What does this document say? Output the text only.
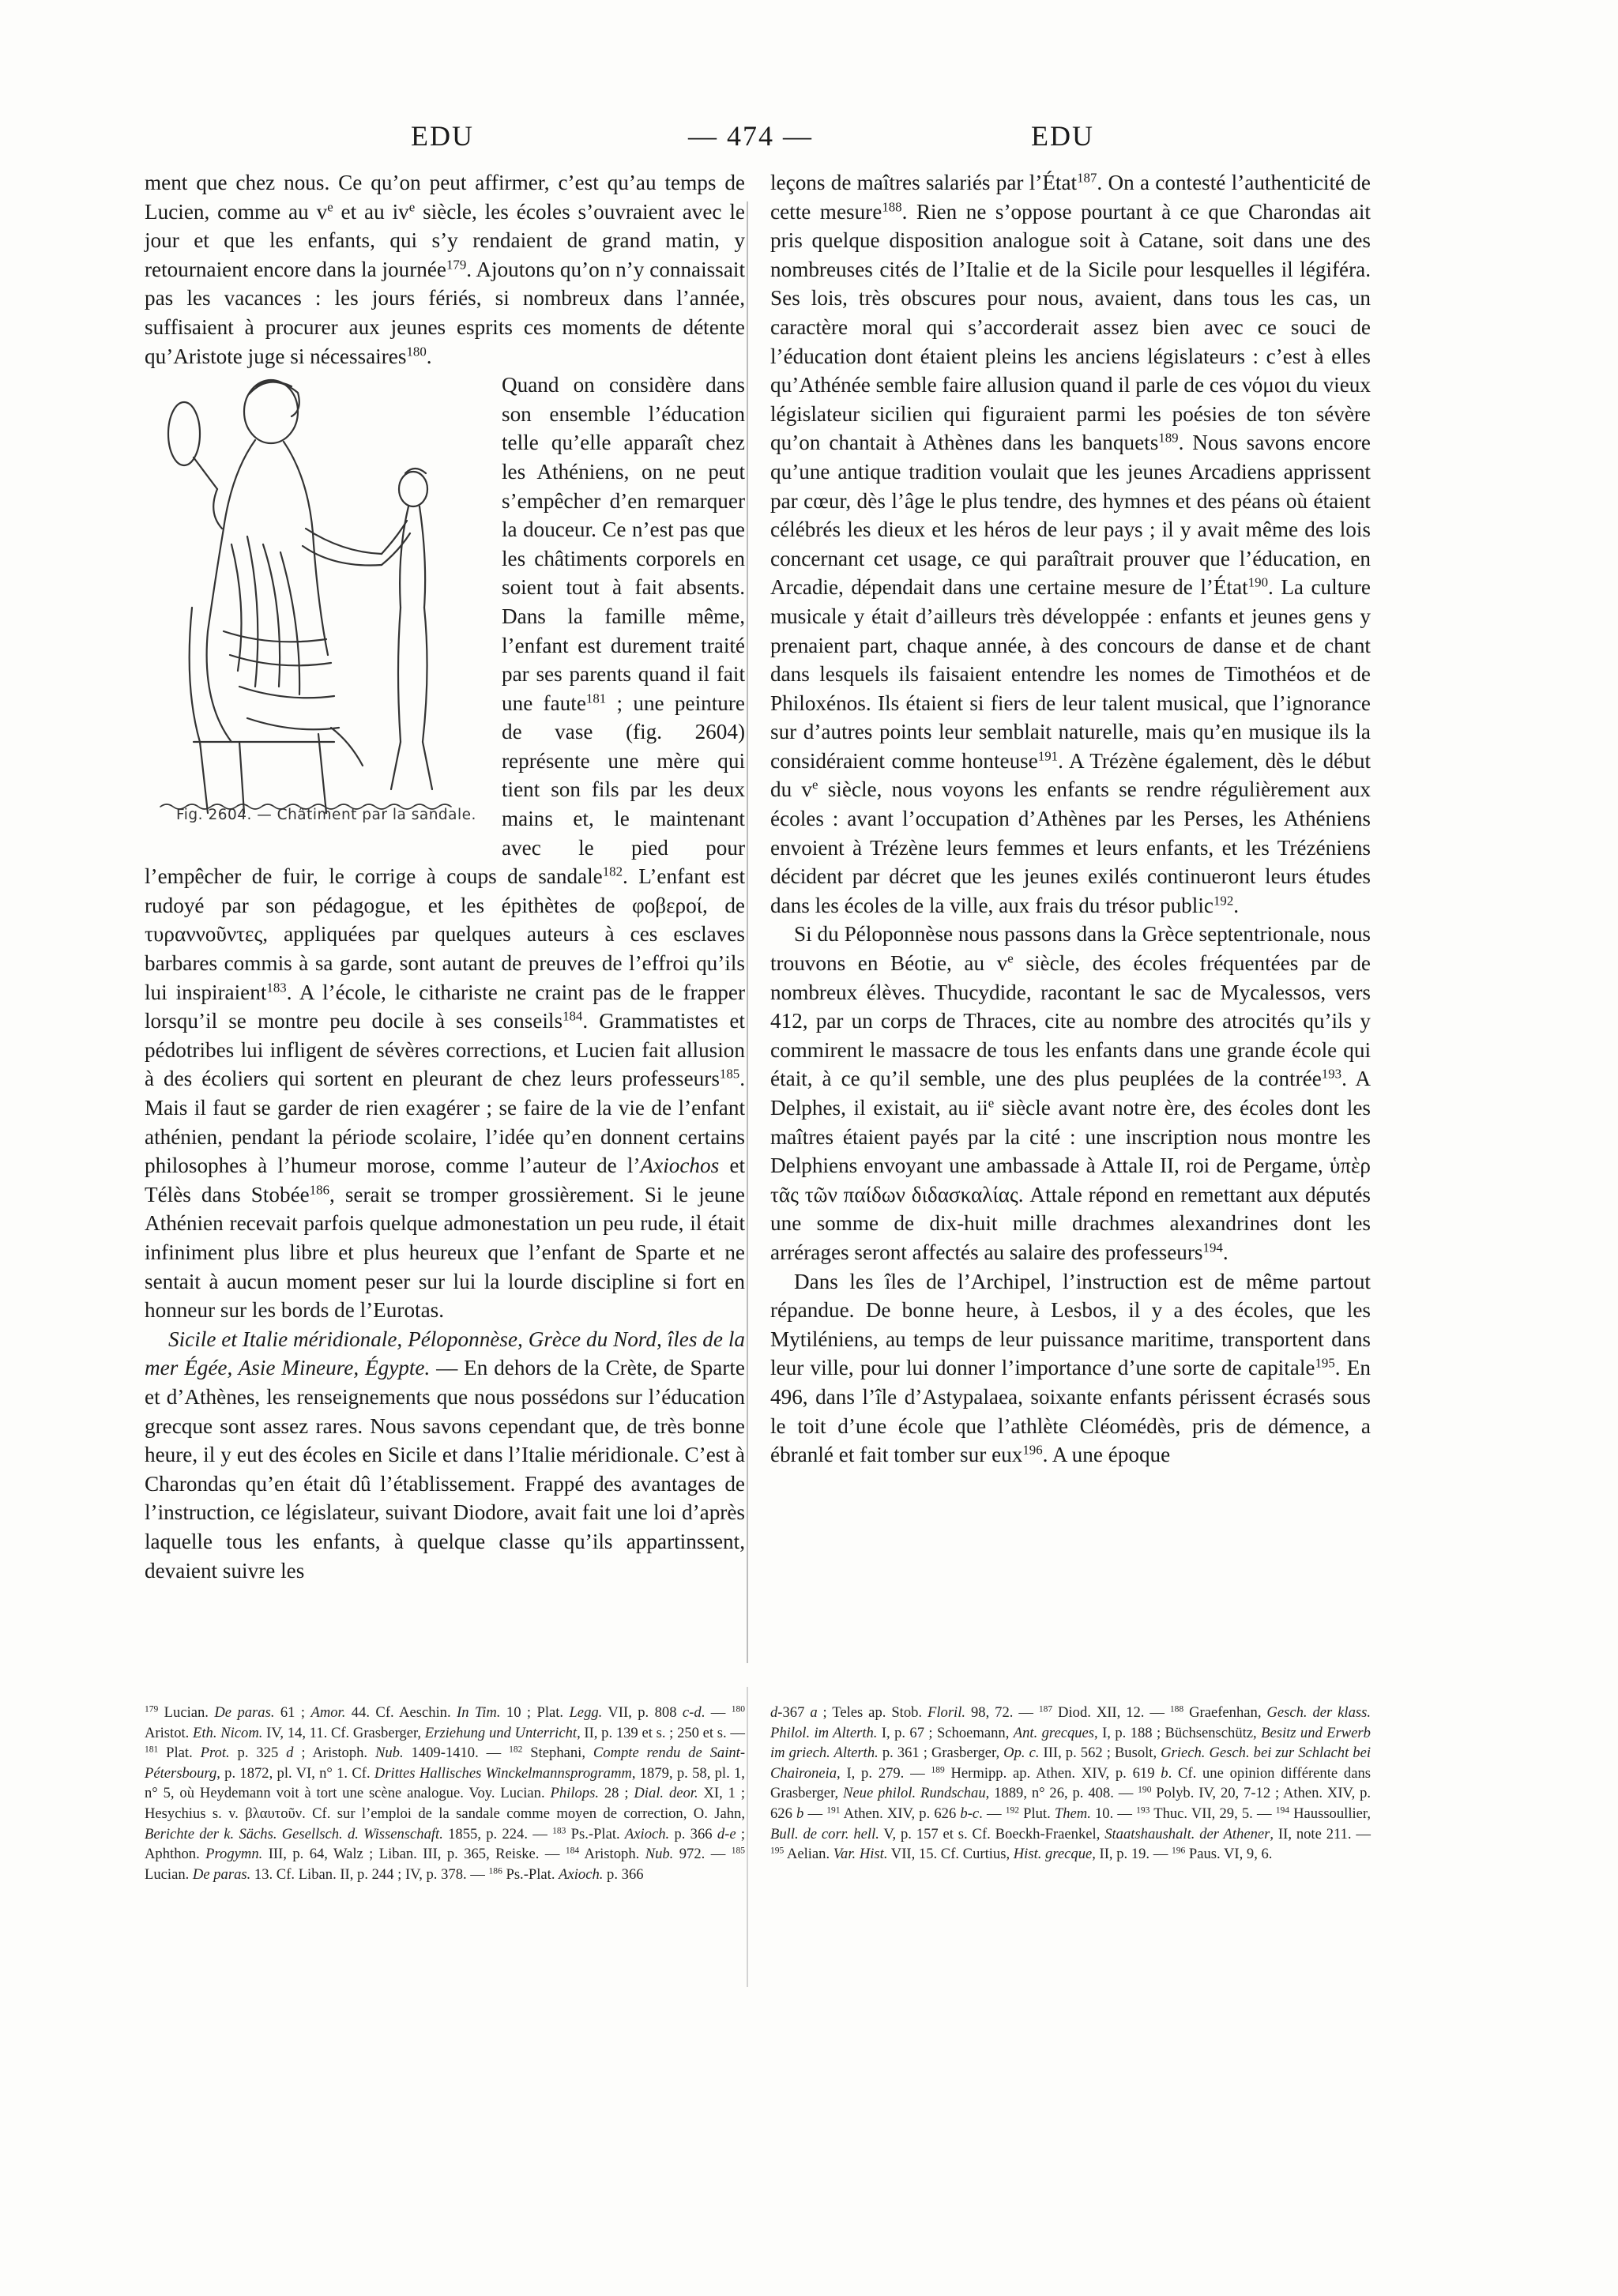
EDU	— 474 —	EDU

ment que chez nous. Ce qu’on peut affirmer, c’est qu’au temps de Lucien, comme au $v^e$ et au $iv^e$ siècle, les écoles s’ouvraient avec le jour et que les enfants, qui s’y rendaient de grand matin, y retournaient encore dans la journée$^{179}$. Ajoutons qu’on n’y connaissait pas les vacances : les jours fériés, si nombreux dans l’année, suffisaient à procurer aux jeunes esprits ces moments de détente qu’Aristote juge si nécessaires$^{180}$.

Fig. 2604. — Châtiment par la sandale.

Quand on considère dans son ensemble l’éducation telle qu’elle apparaît chez les Athéniens, on ne peut s’empêcher d’en remarquer la douceur. Ce n’est pas que les châtiments corporels en soient tout à fait absents. Dans la famille même, l’enfant est durement traité par ses parents quand il fait une faute$^{181}$ ; une peinture de vase (fig. 2604) représente une mère qui tient son fils par les deux mains et, le maintenant avec le pied pour l’empêcher de fuir, le corrige à coups de sandale$^{182}$. L’enfant est rudoyé par son pédagogue, et les épithètes de φοβεροί, de τυραννοῦντες, appliquées par quelques auteurs à ces esclaves barbares commis à sa garde, sont autant de preuves de l’effroi qu’ils lui inspiraient$^{183}$. A l’école, le cithariste ne craint pas de le frapper lorsqu’il se montre peu docile à ses conseils$^{184}$. Grammatistes et pédotribes lui infligent de sévères corrections, et Lucien fait allusion à des écoliers qui sortent en pleurant de chez leurs professeurs$^{185}$. Mais il faut se garder de rien exagérer ; se faire de la vie de l’enfant athénien, pendant la période scolaire, l’idée qu’en donnent certains philosophes à l’humeur morose, comme l’auteur de l’Axiochos et Télès dans Stobée$^{186}$, serait se tromper grossièrement. Si le jeune Athénien recevait parfois quelque admonestation un peu rude, il était infiniment plus libre et plus heureux que l’enfant de Sparte et ne sentait à aucun moment peser sur lui la lourde discipline si fort en honneur sur les bords de l’Eurotas.

Sicile et Italie méridionale, Péloponnèse, Grèce du Nord, îles de la mer Égée, Asie Mineure, Égypte. — En dehors de la Crète, de Sparte et d’Athènes, les renseignements que nous possédons sur l’éducation grecque sont assez rares. Nous savons cependant que, de très bonne heure, il y eut des écoles en Sicile et dans l’Italie méridionale. C’est à Charondas qu’en était dû l’établissement. Frappé des avantages de l’instruction, ce législateur, suivant Diodore, avait fait une loi d’après laquelle tous les enfants, à quelque classe qu’ils appartinssent, devaient suivre les

leçons de maîtres salariés par l’État$^{187}$. On a contesté l’authenticité de cette mesure$^{188}$. Rien ne s’oppose pourtant à ce que Charondas ait pris quelque disposition analogue soit à Catane, soit dans une des nombreuses cités de l’Italie et de la Sicile pour lesquelles il légiféra. Ses lois, très obscures pour nous, avaient, dans tous les cas, un caractère moral qui s’accorderait assez bien avec ce souci de l’éducation dont étaient pleins les anciens législateurs : c’est à elles qu’Athénée semble faire allusion quand il parle de ces νόμοι du vieux législateur sicilien qui figuraient parmi les poésies de ton sévère qu’on chantait à Athènes dans les banquets$^{189}$. Nous savons encore qu’une antique tradition voulait que les jeunes Arcadiens apprissent par cœur, dès l’âge le plus tendre, des hymnes et des péans où étaient célébrés les dieux et les héros de leur pays ; il y avait même des lois concernant cet usage, ce qui paraîtrait prouver que l’éducation, en Arcadie, dépendait dans une certaine mesure de l’État$^{190}$. La culture musicale y était d’ailleurs très développée : enfants et jeunes gens y prenaient part, chaque année, à des concours de danse et de chant dans lesquels ils faisaient entendre les nomes de Timothéos et de Philoxénos. Ils étaient si fiers de leur talent musical, que l’ignorance sur d’autres points leur semblait naturelle, mais qu’en musique ils la considéraient comme honteuse$^{191}$. A Trézène également, dès le début du $v^e$ siècle, nous voyons les enfants se rendre régulièrement aux écoles : avant l’occupation d’Athènes par les Perses, les Athéniens envoient à Trézène leurs femmes et leurs enfants, et les Trézéniens décident par décret que les jeunes exilés continueront leurs études dans les écoles de la ville, aux frais du trésor public$^{192}$.

Si du Péloponnèse nous passons dans la Grèce septentrionale, nous trouvons en Béotie, au $v^e$ siècle, des écoles fréquentées par de nombreux élèves. Thucydide, racontant le sac de Mycalessos, vers 412, par un corps de Thraces, cite au nombre des atrocités qu’ils y commirent le massacre de tous les enfants dans une grande école qui était, à ce qu’il semble, une des plus peuplées de la contrée$^{193}$. A Delphes, il existait, au $ii^e$ siècle avant notre ère, des écoles dont les maîtres étaient payés par la cité : une inscription nous montre les Delphiens envoyant une ambassade à Attale II, roi de Pergame, ὑπὲρ τᾶς τῶν παίδων διδασκαλίας. Attale répond en remettant aux députés une somme de dix-huit mille drachmes alexandrines dont les arrérages seront affectés au salaire des professeurs$^{194}$.

Dans les îles de l’Archipel, l’instruction est de même partout répandue. De bonne heure, à Lesbos, il y a des écoles, que les Mytiléniens, au temps de leur puissance maritime, transportent dans leur ville, pour lui donner l’importance d’une sorte de capitale$^{195}$. En 496, dans l’île d’Astypalaea, soixante enfants périssent écrasés sous le toit d’une école que l’athlète Cléomédès, pris de démence, a ébranlé et fait tomber sur eux$^{196}$. A une époque

$^{179}$ Lucian. De paras. 61 ; Amor. 44. Cf. Aeschin. In Tim. 10 ; Plat. Legg. VII, p. 808 c-d. — $^{180}$ Aristot. Eth. Nicom. IV, 14, 11. Cf. Grasberger, Erziehung und Unterricht, II, p. 139 et s. ; 250 et s. — $^{181}$ Plat. Prot. p. 325 d ; Aristoph. Nub. 1409-1410. — $^{182}$ Stephani, Compte rendu de Saint-Pétersbourg, p. 1872, pl. VI, n° 1. Cf. Drittes Hallisches Winckelmannsprogramm, 1879, p. 58, pl. 1, n° 5, où Heydemann voit à tort une scène analogue. Voy. Lucian. Philops. 28 ; Dial. deor. XI, 1 ; Hesychius s. v. βλαυτοῦν. Cf. sur l’emploi de la sandale comme moyen de correction, O. Jahn, Berichte der k. Sächs. Gesellsch. d. Wissenschaft. 1855, p. 224. — $^{183}$ Ps.-Plat. Axioch. p. 366 d-e ; Aphthon. Progymn. III, p. 64, Walz ; Liban. III, p. 365, Reiske. — $^{184}$ Aristoph. Nub. 972. — $^{185}$ Lucian. De paras. 13. Cf. Liban. II, p. 244 ; IV, p. 378. — $^{186}$ Ps.-Plat. Axioch. p. 366

d-367 a ; Teles ap. Stob. Floril. 98, 72. — $^{187}$ Diod. XII, 12. — $^{188}$ Graefenhan, Gesch. der klass. Philol. im Alterth. I, p. 67 ; Schoemann, Ant. grecques, I, p. 188 ; Büchsenschütz, Besitz und Erwerb im griech. Alterth. p. 361 ; Grasberger, Op. c. III, p. 562 ; Busolt, Griech. Gesch. bei zur Schlacht bei Chaironeia, I, p. 279. — $^{189}$ Hermipp. ap. Athen. XIV, p. 619 b. Cf. une opinion différente dans Grasberger, Neue philol. Rundschau, 1889, n° 26, p. 408. — $^{190}$ Polyb. IV, 20, 7-12 ; Athen. XIV, p. 626 b — $^{191}$ Athen. XIV, p. 626 b-c. — $^{192}$ Plut. Them. 10. — $^{193}$ Thuc. VII, 29, 5. — $^{194}$ Haussoullier, Bull. de corr. hell. V, p. 157 et s. Cf. Boeckh-Fraenkel, Staatshaushalt. der Athener, II, note 211. — $^{195}$ Aelian. Var. Hist. VII, 15. Cf. Curtius, Hist. grecque, II, p. 19. — $^{196}$ Paus. VI, 9, 6.
